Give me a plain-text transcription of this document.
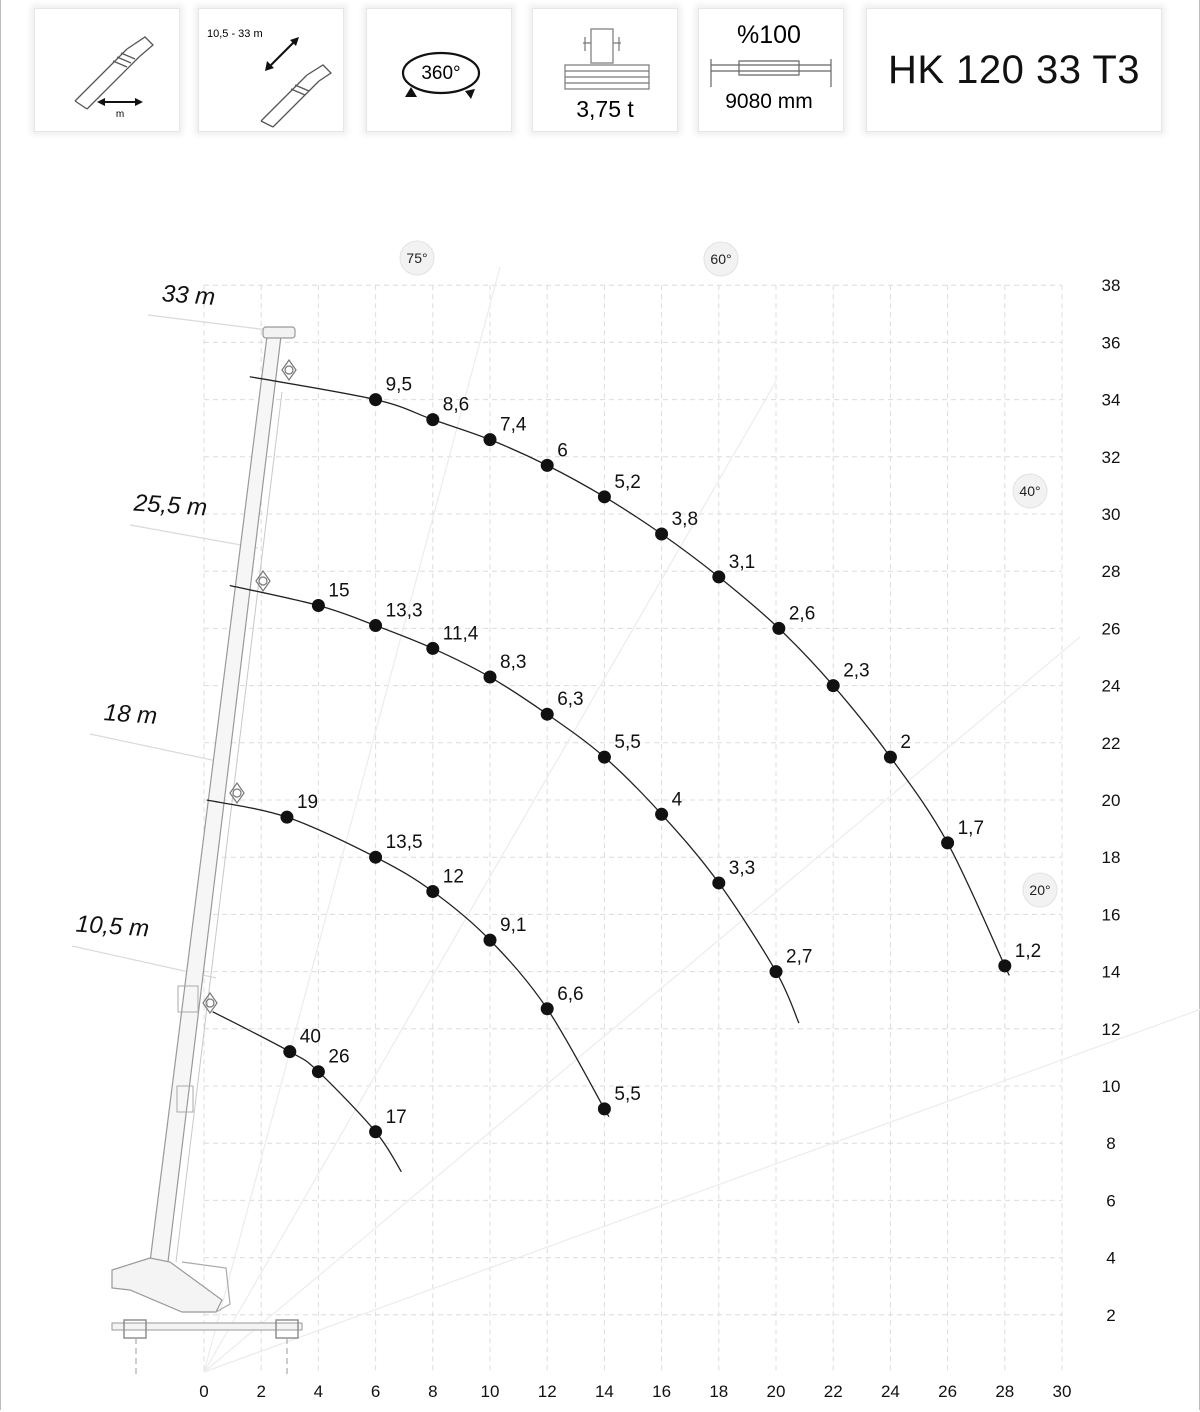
m
10,5 - 33 m
360°
3,75 t
%100
9080 mm
HK 120 33 T3
75°	60°
40°
20°
0	2	4	6	8	10 12 14 16 18 20 22 24 26 28 30
2
4
6
8
10
12
14
16
18
20
22
24
26
28
30
32
34
36
38
33 m
25,5 m
18 m
10,5 m
9,5
8,6
7,4
6
5,2
3,8
3,1
2,6
2,3
2
1,7
1,2
15
13,3
11,4
8,3
6,3
5,5
4
3,3
2,7
19
13,5
12
9,1
6,6
5,5
40
26
17
